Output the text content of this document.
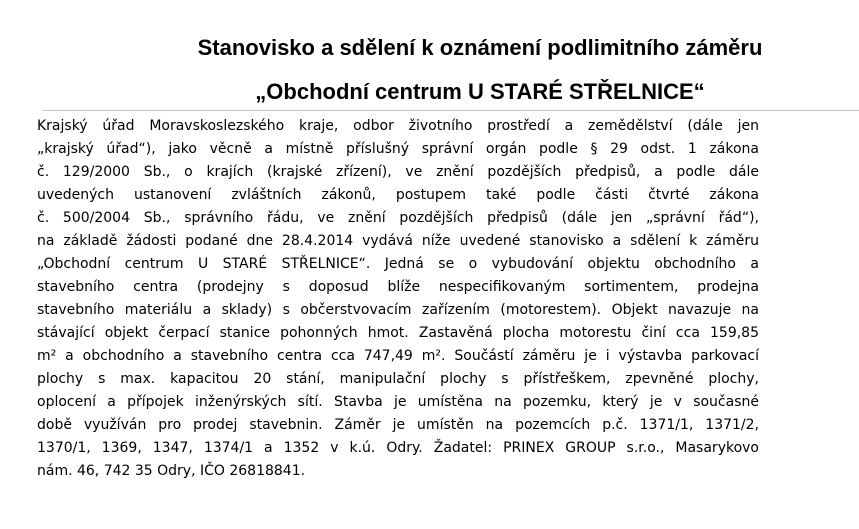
Stanovisko a sdělení k oznámení podlimitního záměru
„Obchodní centrum U STARÉ STŘELNICE“
Krajský úřad Moravskoslezského kraje, odbor životního prostředí a zemědělství (dále jen
„krajský úřad“), jako věcně a místně příslušný správní orgán podle § 29 odst. 1 zákona
č. 129/2000 Sb., o krajích (krajské zřízení), ve znění pozdějších předpisů, a podle dále
uvedených ustanovení zvláštních zákonů, postupem také podle části čtvrté zákona
č. 500/2004 Sb., správního řádu, ve znění pozdějších předpisů (dále jen „správní řád“),
na základě žádosti podané dne 28.4.2014 vydává níže uvedené stanovisko a sdělení k záměru
„Obchodní centrum U STARÉ STŘELNICE“. Jedná se o vybudování objektu obchodního a
stavebního centra (prodejny s doposud blíže nespecifikovaným sortimentem, prodejna
stavebního materiálu a sklady) s občerstvovacím zařízením (motorestem). Objekt navazuje na
stávající objekt čerpací stanice pohonných hmot. Zastavěná plocha motorestu činí cca 159,85
m² a obchodního a stavebního centra cca 747,49 m². Součástí záměru je i výstavba parkovací
plochy s max. kapacitou 20 stání, manipulační plochy s přístřeškem, zpevněné plochy,
oplocení a přípojek inženýrských sítí. Stavba je umístěna na pozemku, který je v současné
době využíván pro prodej stavebnin. Záměr je umístěn na pozemcích p.č. 1371/1, 1371/2,
1370/1, 1369, 1347, 1374/1 a 1352 v k.ú. Odry. Žadatel: PRINEX GROUP s.r.o., Masarykovo
nám. 46, 742 35 Odry, IČO 26818841.
